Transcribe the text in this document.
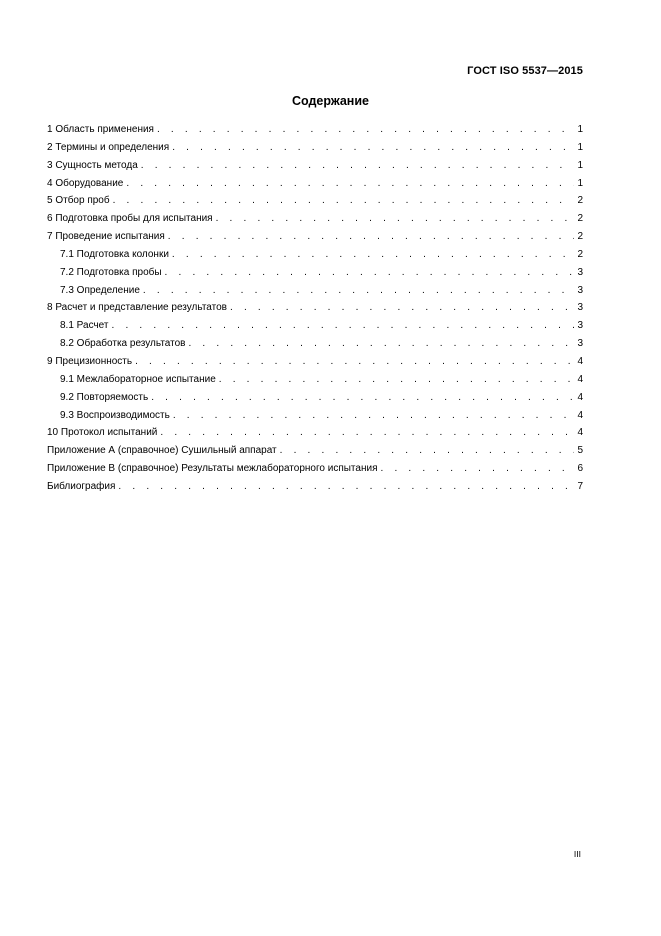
ГОСТ ISO 5537—2015
Содержание
1 Область применения . . .	1
2 Термины и определения . . .	1
3 Сущность метода . . .	1
4 Оборудование . . .	1
5 Отбор проб . . .	2
6 Подготовка пробы для испытания . . .	2
7 Проведение испытания . . .	2
7.1 Подготовка колонки . . .	2
7.2 Подготовка пробы . . .	3
7.3 Определение . . .	3
8 Расчет и представление результатов . . .	3
8.1 Расчет . . .	3
8.2 Обработка результатов . . .	3
9 Прецизионность . . .	4
9.1 Межлабораторное испытание . . .	4
9.2 Повторяемость . . .	4
9.3 Воспроизводимость . . .	4
10 Протокол испытаний . . .	4
Приложение А (справочное) Сушильный аппарат . . .	5
Приложение В (справочное) Результаты межлабораторного испытания . . .	6
Библиография . . .	7
III
